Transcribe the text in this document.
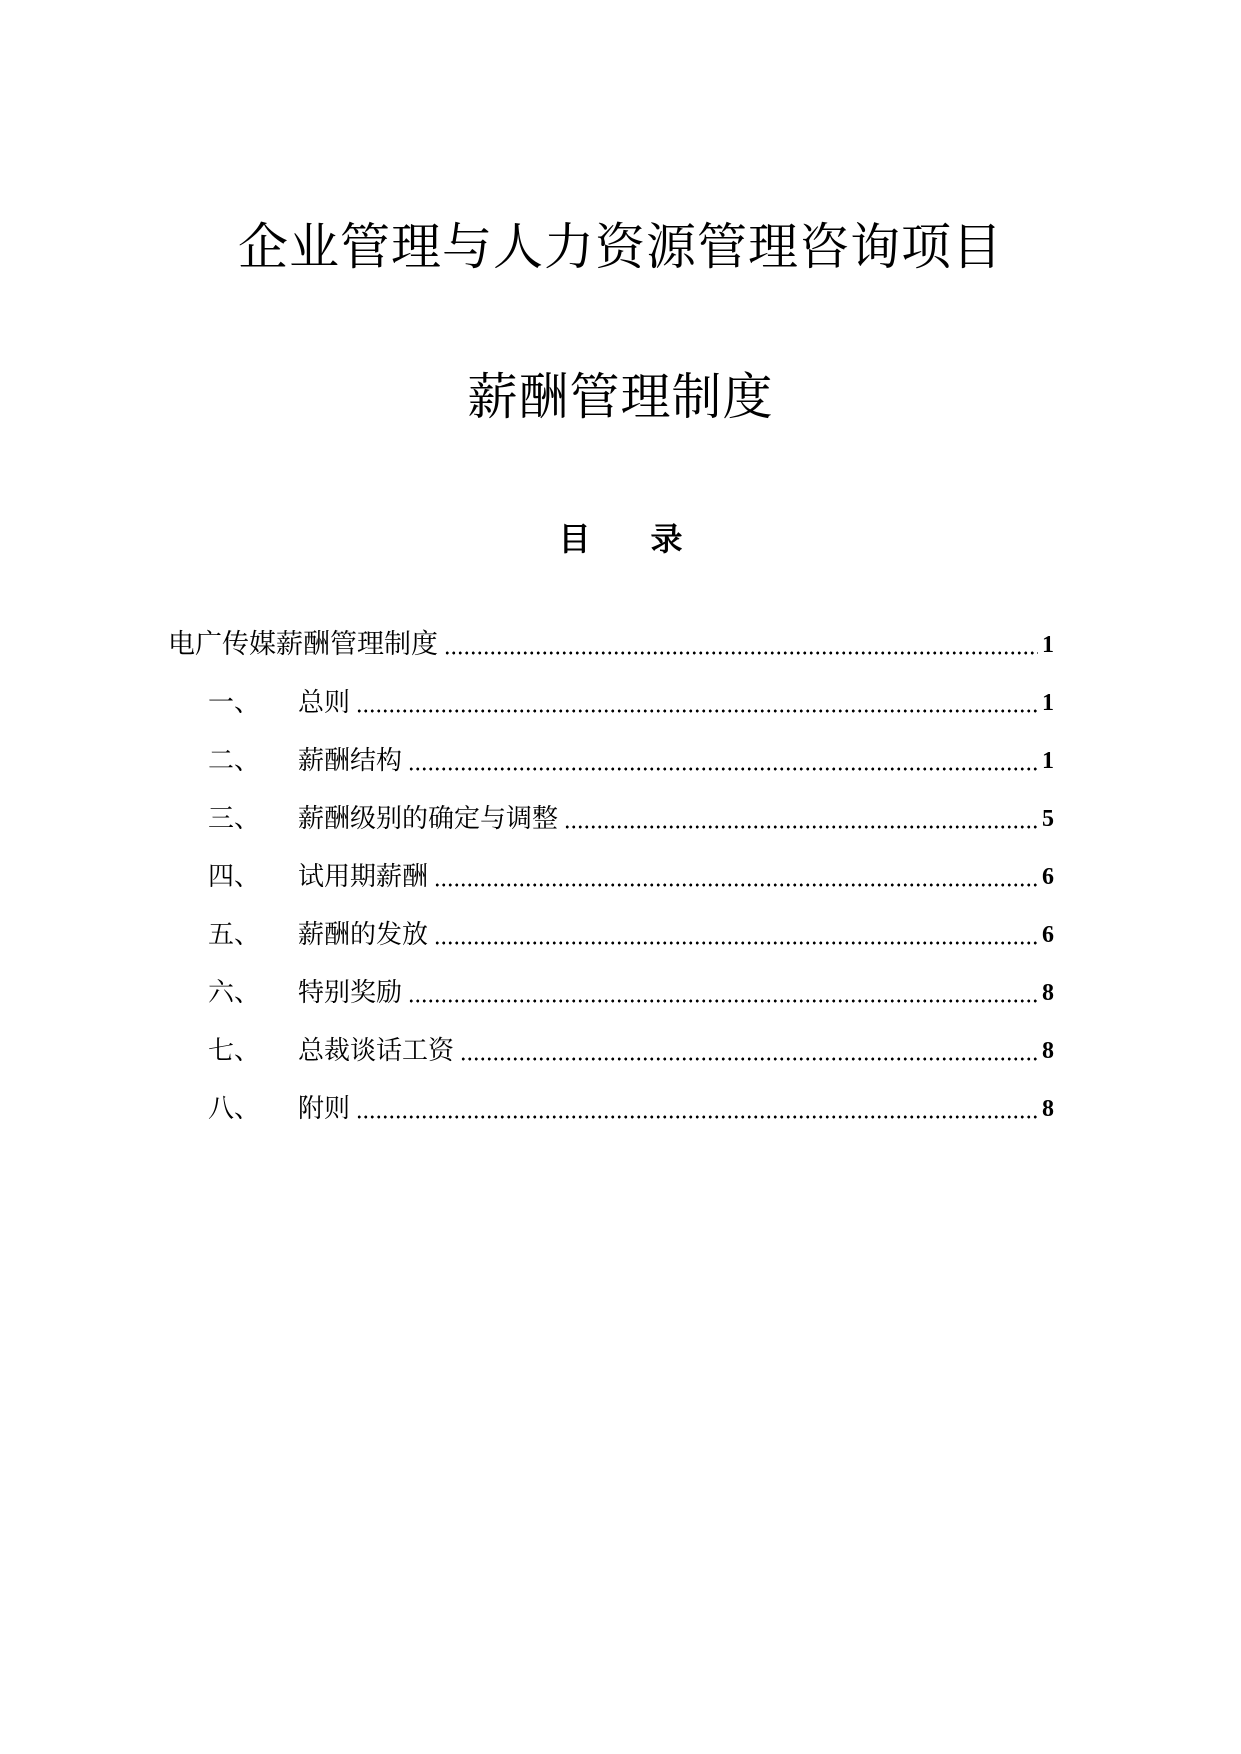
企业管理与人力资源管理咨询项目
薪酬管理制度
目 录
电广传媒薪酬管理制度	1
一、	总则	1
二、	薪酬结构	1
三、	薪酬级别的确定与调整	5
四、	试用期薪酬	6
五、	薪酬的发放	6
六、	特别奖励	8
七、	总裁谈话工资	8
八、	附则	8
